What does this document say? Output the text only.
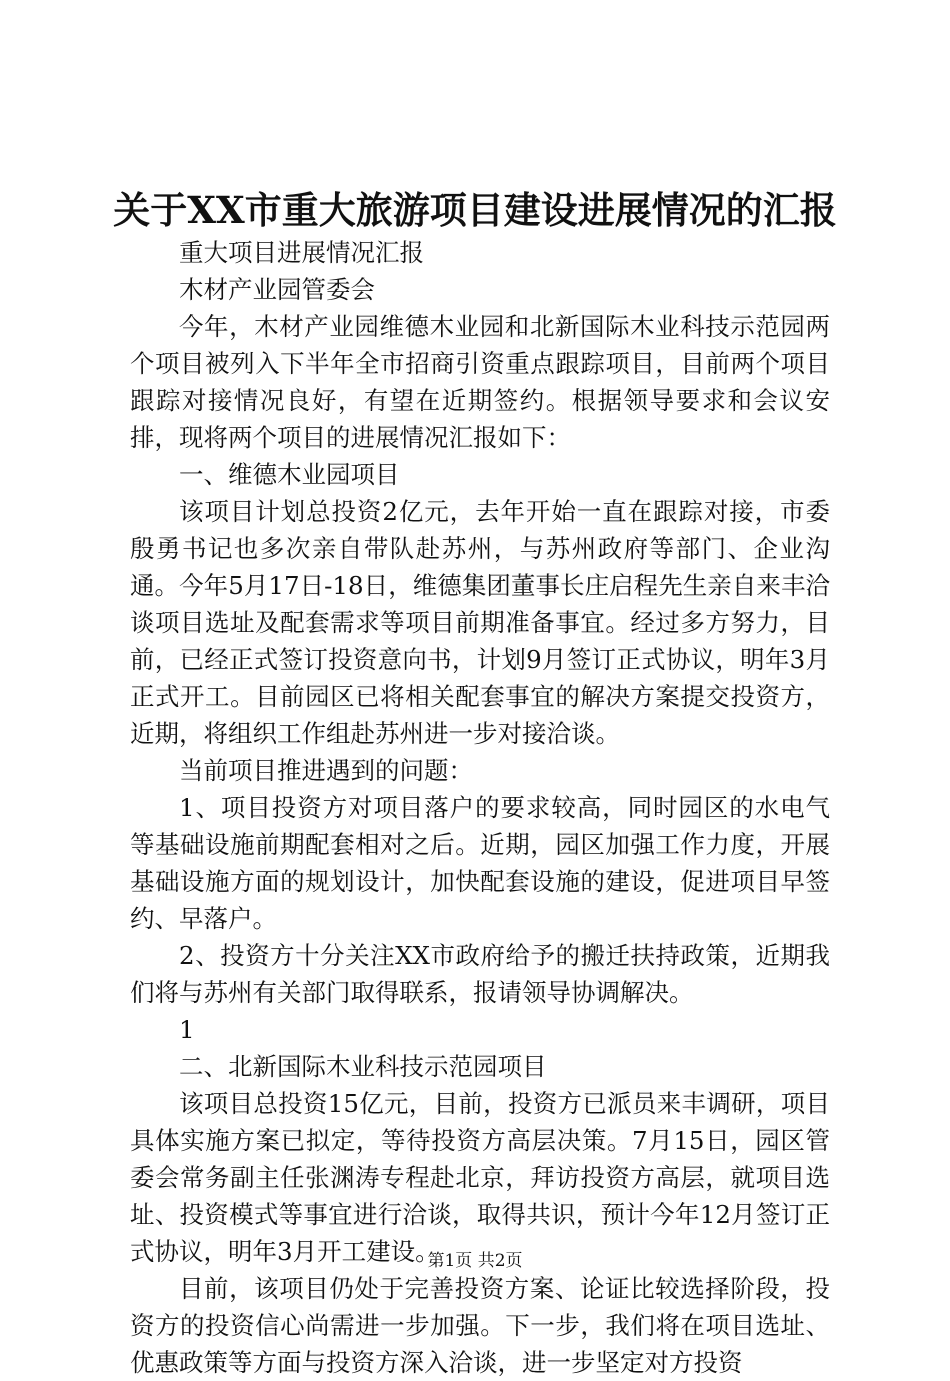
关于XX市重大旅游项目建设进展情况的汇报

重大项目进展情况汇报

木材产业园管委会

今年，木材产业园维德木业园和北新国际木业科技示范园两个项目被列入下半年全市招商引资重点跟踪项目，目前两个项目跟踪对接情况良好，有望在近期签约。根据领导要求和会议安排，现将两个项目的进展情况汇报如下：

一、维德木业园项目

该项目计划总投资2亿元，去年开始一直在跟踪对接，市委殷勇书记也多次亲自带队赴苏州，与苏州政府等部门、企业沟通。今年5月17日-18日，维德集团董事长庄启程先生亲自来丰洽谈项目选址及配套需求等项目前期准备事宜。经过多方努力，目前，已经正式签订投资意向书，计划9月签订正式协议，明年3月正式开工。目前园区已将相关配套事宜的解决方案提交投资方，近期，将组织工作组赴苏州进一步对接洽谈。

当前项目推进遇到的问题：

1、项目投资方对项目落户的要求较高，同时园区的水电气等基础设施前期配套相对之后。近期，园区加强工作力度，开展基础设施方面的规划设计，加快配套设施的建设，促进项目早签约、早落户。

2、投资方十分关注XX市政府给予的搬迁扶持政策，近期我们将与苏州有关部门取得联系，报请领导协调解决。

1

二、北新国际木业科技示范园项目

该项目总投资15亿元，目前，投资方已派员来丰调研，项目具体实施方案已拟定，等待投资方高层决策。7月15日，园区管委会常务副主任张渊涛专程赴北京，拜访投资方高层，就项目选址、投资模式等事宜进行洽谈，取得共识，预计今年12月签订正式协议，明年3月开工建设。

目前，该项目仍处于完善投资方案、论证比较选择阶段，投资方的投资信心尚需进一步加强。下一步，我们将在项目选址、优惠政策等方面与投资方深入洽谈，进一步坚定对方投资

第1页 共2页
